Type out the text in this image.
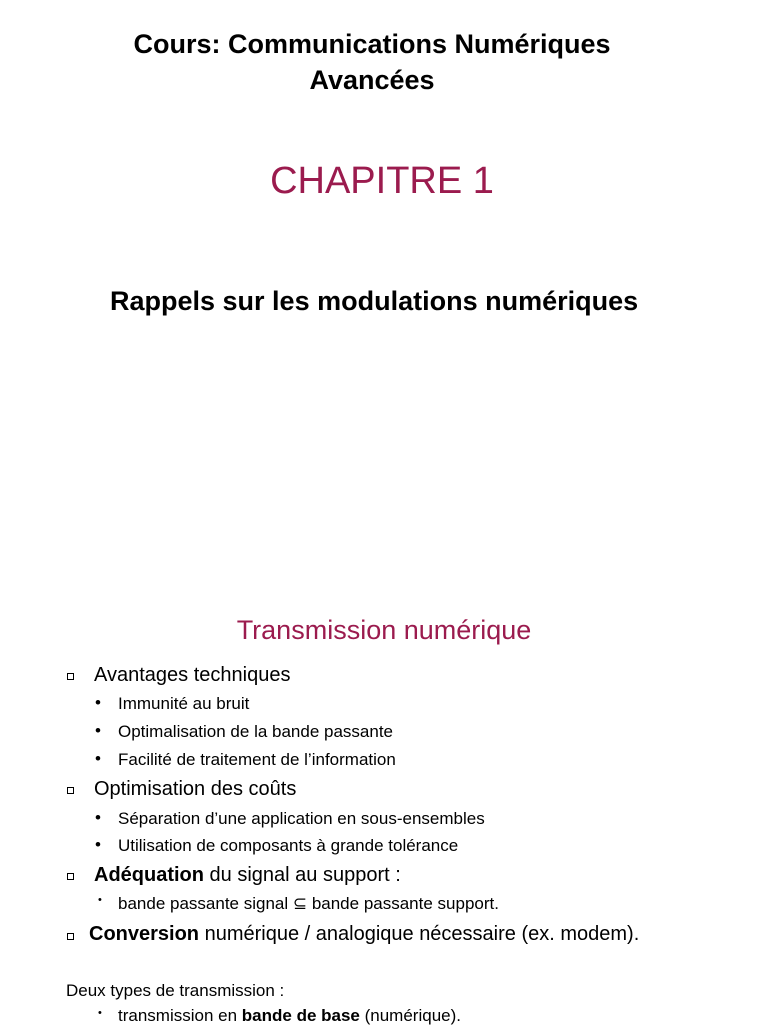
Cours: Communications Numériques
Avancées
CHAPITRE 1
Rappels sur les modulations numériques
Transmission numérique
Avantages techniques
• Immunité au bruit
• Optimalisation de la bande passante
• Facilité de traitement de l’information
Optimisation des coûts
• Séparation d’une application en sous-ensembles
• Utilisation de composants à grande tolérance
Adéquation du signal au support :
• bande passante signal ⊆ bande passante support.
Conversion numérique / analogique nécessaire (ex. modem).
Deux types de transmission :
• transmission en bande de base (numérique).
